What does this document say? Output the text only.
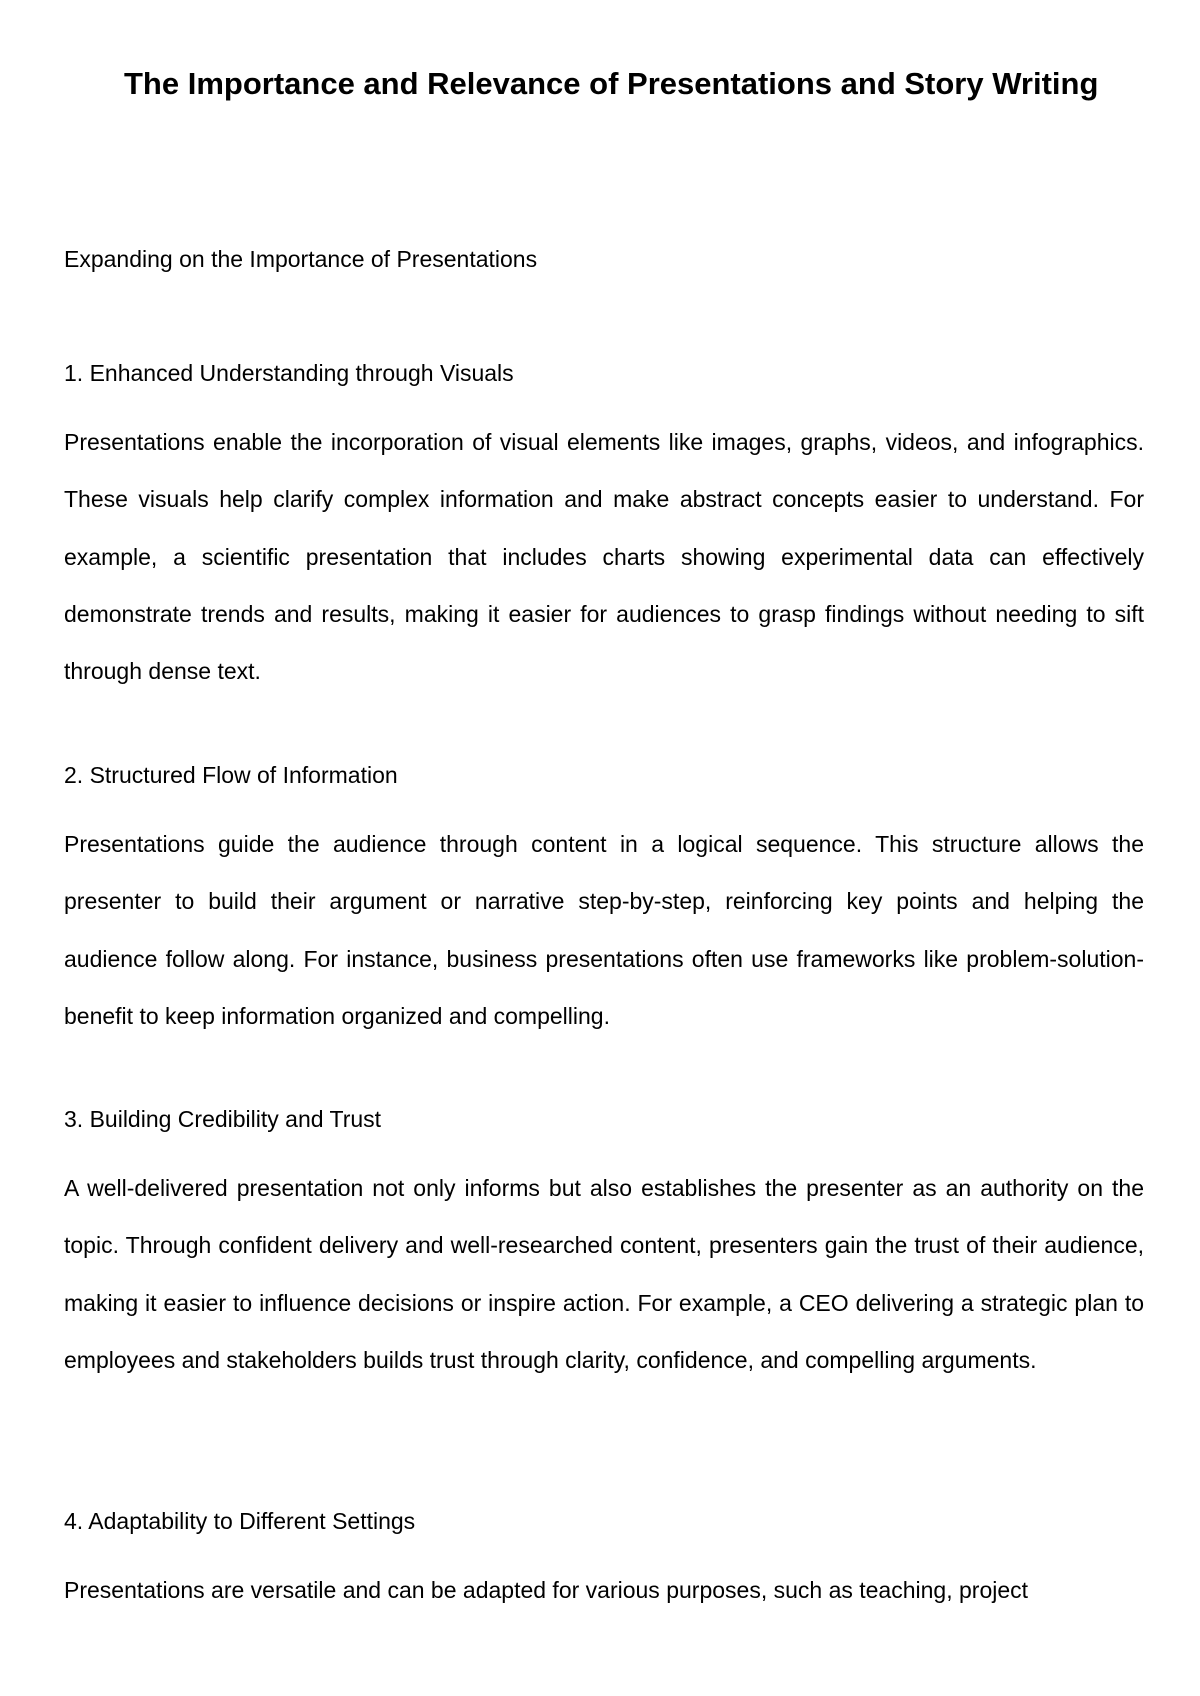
The Importance and Relevance of Presentations and Story Writing

Expanding on the Importance of Presentations

1. Enhanced Understanding through Visuals

Presentations enable the incorporation of visual elements like images, graphs, videos, and infographics. These visuals help clarify complex information and make abstract concepts easier to understand. For example, a scientific presentation that includes charts showing experimental data can effectively demonstrate trends and results, making it easier for audiences to grasp findings without needing to sift through dense text.

2. Structured Flow of Information

Presentations guide the audience through content in a logical sequence. This structure allows the presenter to build their argument or narrative step-by-step, reinforcing key points and helping the audience follow along. For instance, business presentations often use frameworks like problem-solution-benefit to keep information organized and compelling.

3. Building Credibility and Trust

A well-delivered presentation not only informs but also establishes the presenter as an authority on the topic. Through confident delivery and well-researched content, presenters gain the trust of their audience, making it easier to influence decisions or inspire action. For example, a CEO delivering a strategic plan to employees and stakeholders builds trust through clarity, confidence, and compelling arguments.

4. Adaptability to Different Settings

Presentations are versatile and can be adapted for various purposes, such as teaching, project
